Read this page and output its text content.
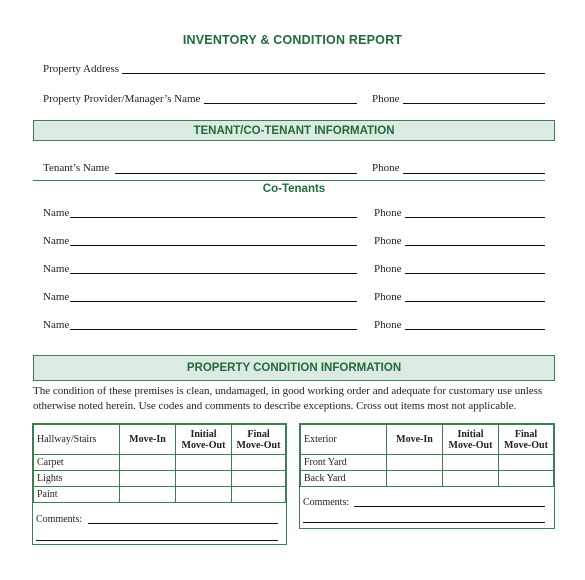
INVENTORY & CONDITION REPORT
Property Address
Property Provider/Manager’s Name	Phone
TENANT/CO-TENANT INFORMATION
Tenant’s Name	Phone
Co-Tenants
Name	Phone
Name	Phone
Name	Phone
Name	Phone
Name	Phone
PROPERTY CONDITION INFORMATION
The condition of these premises is clean, undamaged, in good working order and adequate for customary use unless otherwise noted herein. Use codes and comments to describe exceptions. Cross out items most not applicable.
Hallway/Stairs	Move-In	Initial Move-Out	Final Move-Out
Carpet			
Lights			
Paint			
Comments:
Exterior	Move-In	Initial Move-Out	Final Move-Out
Front Yard			
Back Yard			
Comments:
